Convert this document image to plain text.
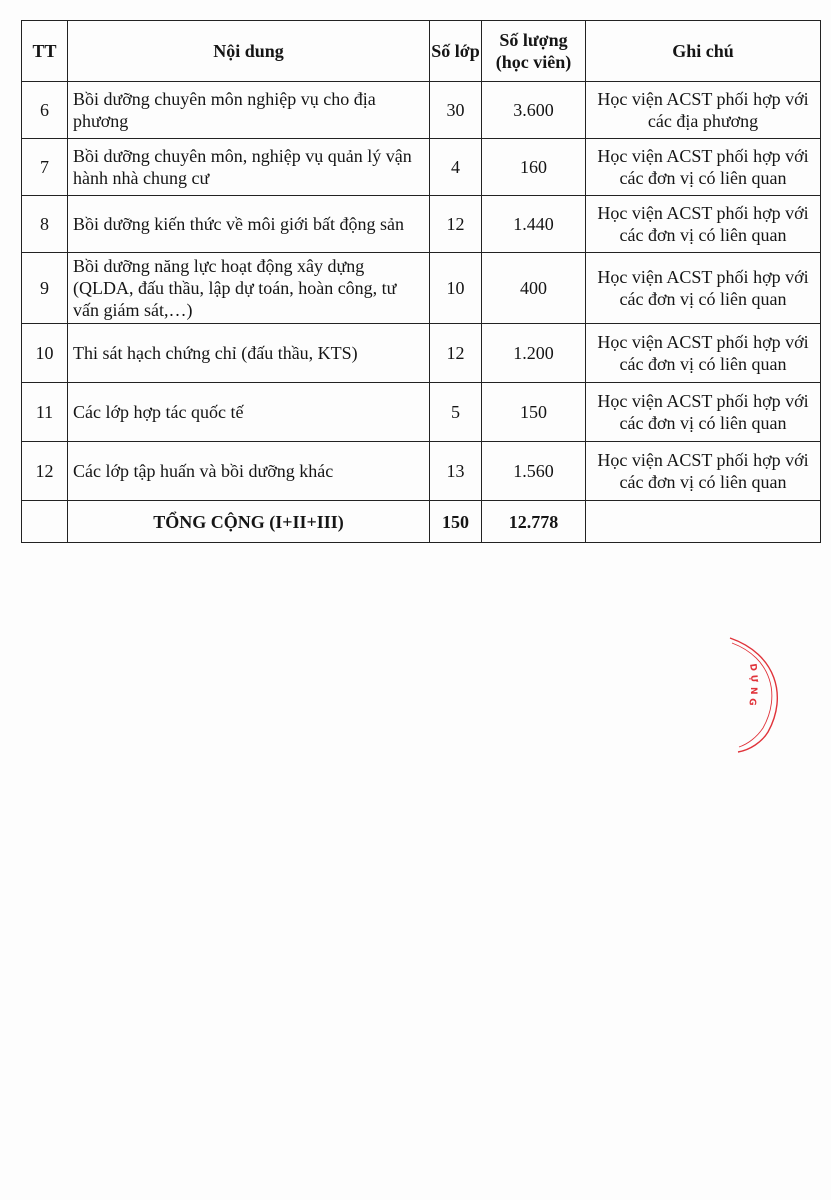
TT	Nội dung	Số lớp	Số lượng (học viên)	Ghi chú
6	Bồi dưỡng chuyên môn nghiệp vụ cho địa phương	30	3.600	Học viện ACST phối hợp với các địa phương
7	Bồi dưỡng chuyên môn, nghiệp vụ quản lý vận hành nhà chung cư	4	160	Học viện ACST phối hợp với các đơn vị có liên quan
8	Bồi dưỡng kiến thức về môi giới bất động sản	12	1.440	Học viện ACST phối hợp với các đơn vị có liên quan
9	Bồi dưỡng năng lực hoạt động xây dựng (QLDA, đấu thầu, lập dự toán, hoàn công, tư vấn giám sát,…)	10	400	Học viện ACST phối hợp với các đơn vị có liên quan
10	Thi sát hạch chứng chỉ (đấu thầu, KTS)	12	1.200	Học viện ACST phối hợp với các đơn vị có liên quan
11	Các lớp hợp tác quốc tế	5	150	Học viện ACST phối hợp với các đơn vị có liên quan
12	Các lớp tập huấn và bồi dưỡng khác	13	1.560	Học viện ACST phối hợp với các đơn vị có liên quan
	TỔNG CỘNG (I+II+III)	150	12.778	
D
Ự
N
G
